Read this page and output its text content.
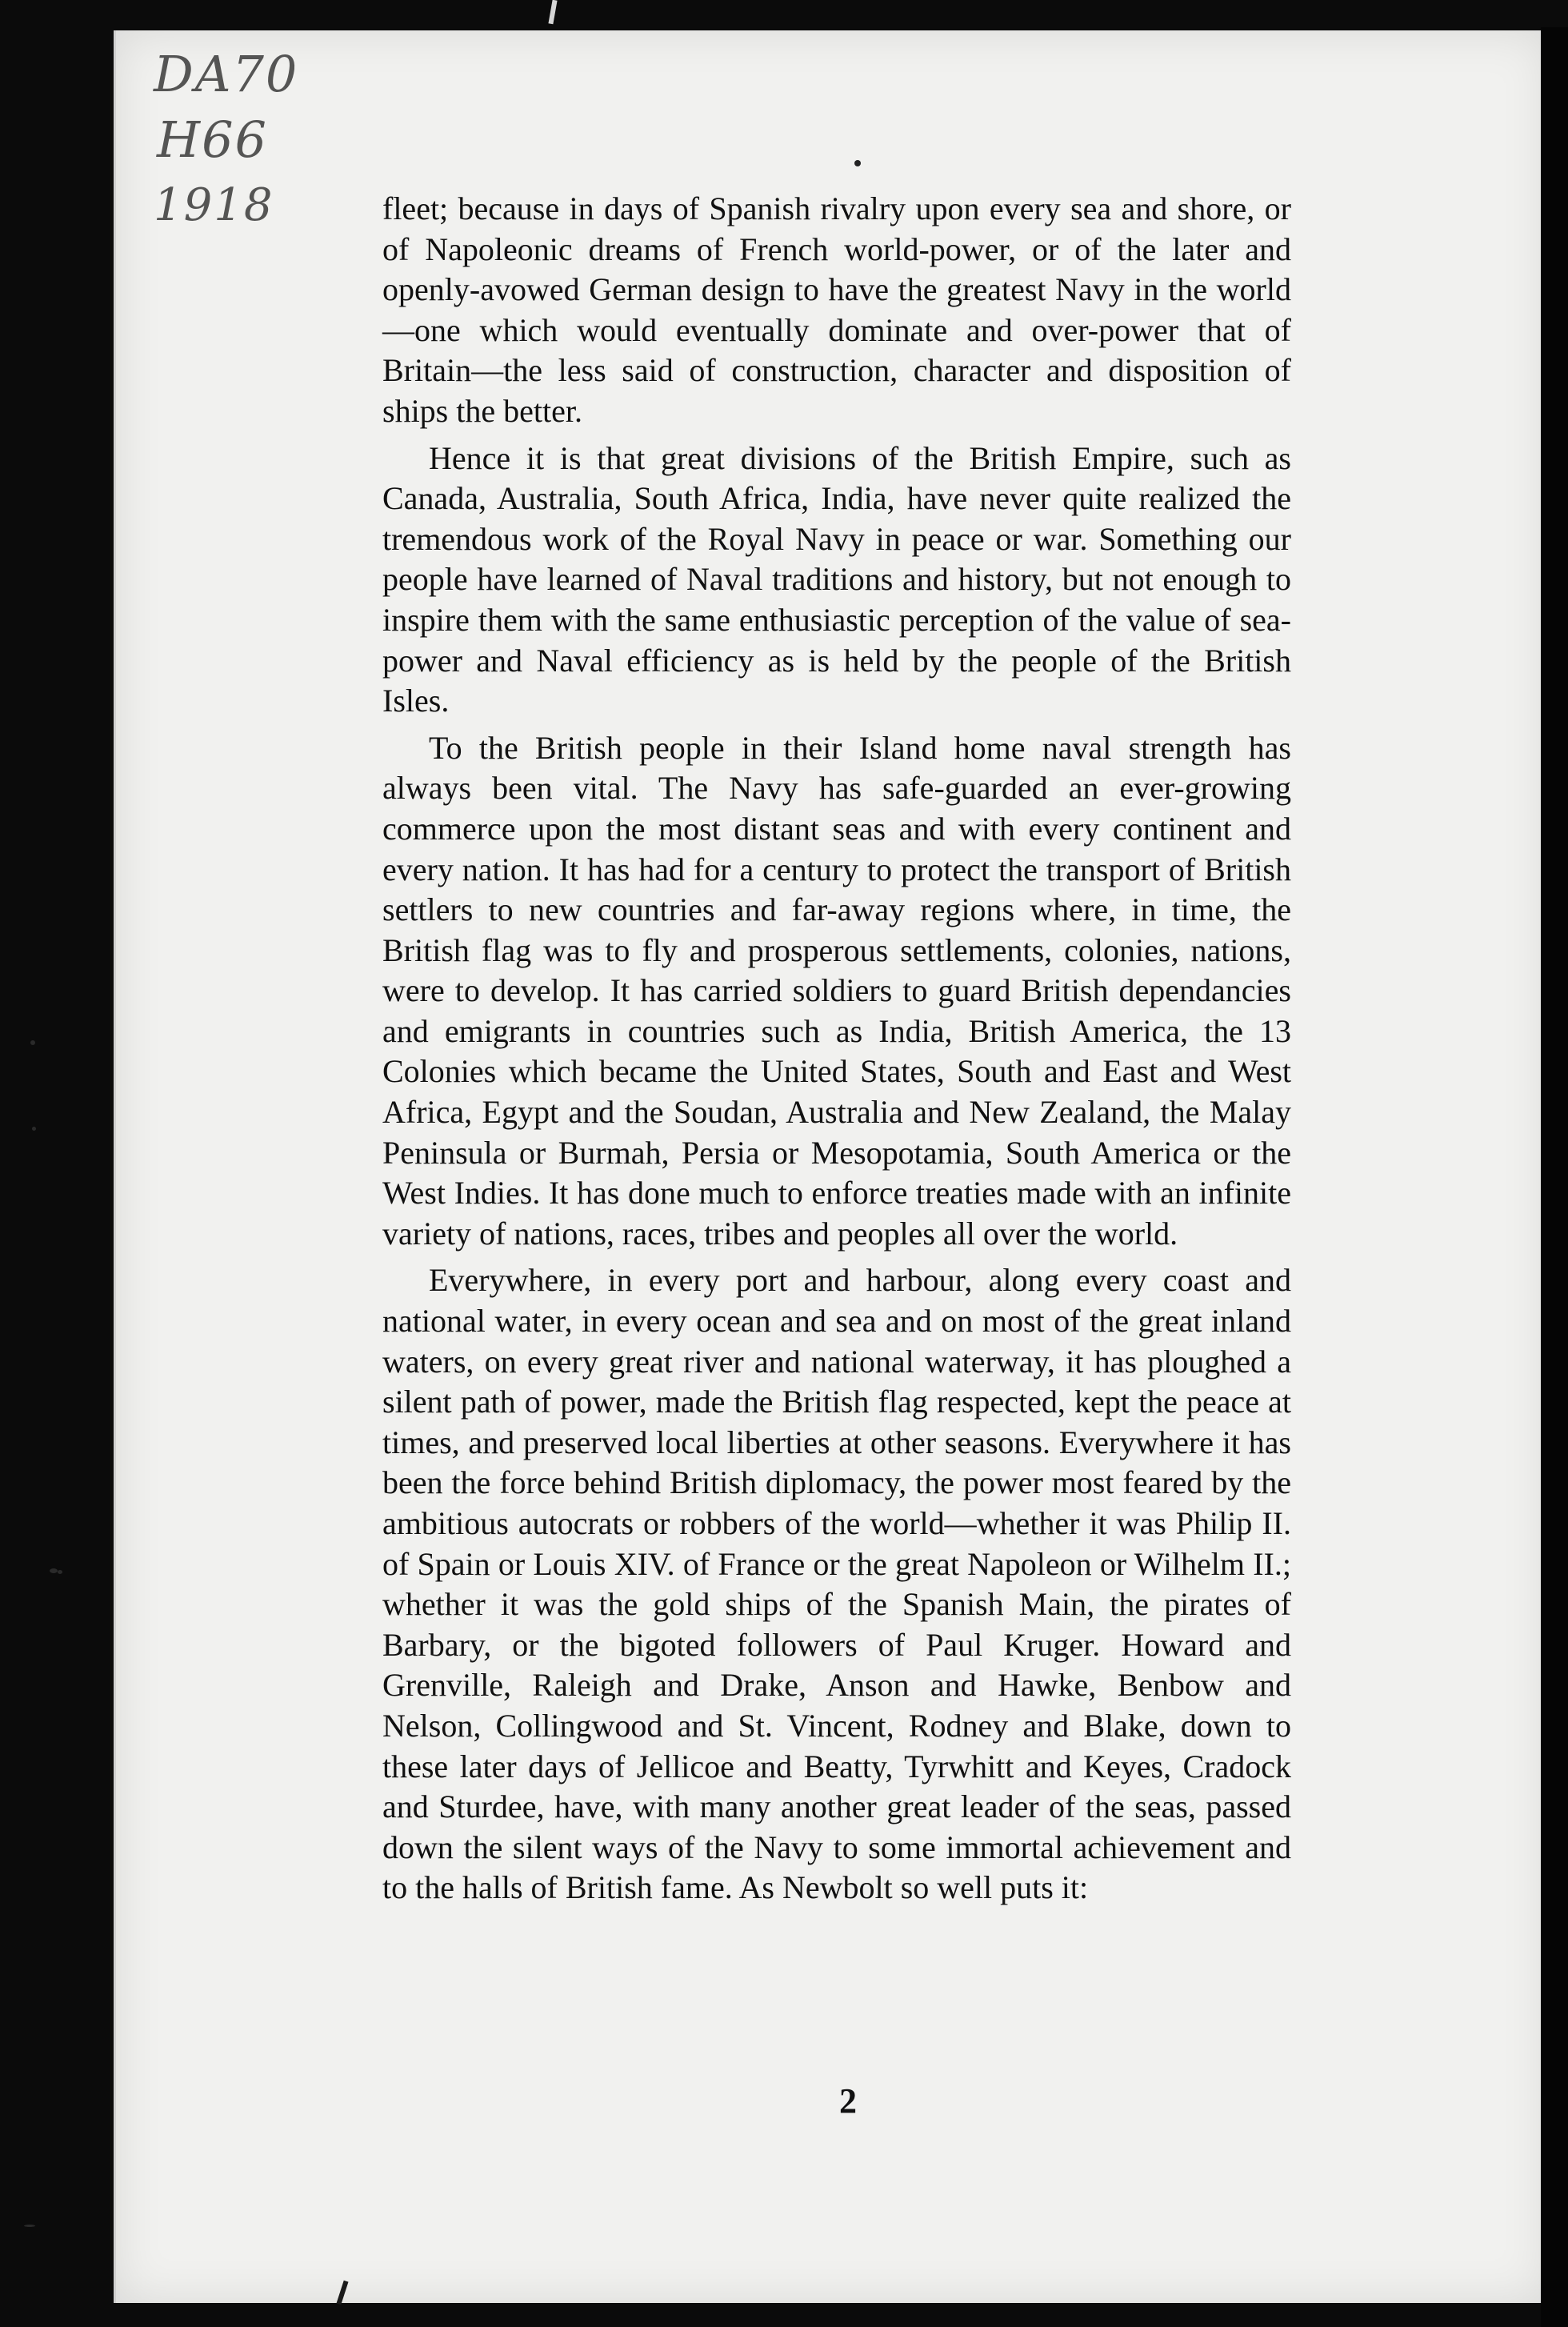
DA70
H66
1918	fleet; because in days of Spanish rivalry upon every sea and shore, or of Napoleonic dreams of French world-power, or of the later and openly-avowed German design to have the greatest Navy in the world—one which would eventually dominate and over-power that of Britain—the less said of construction, character and disposition of ships the better.

Hence it is that great divisions of the British Empire, such as Canada, Australia, South Africa, India, have never quite realized the tremendous work of the Royal Navy in peace or war. Something our people have learned of Naval traditions and history, but not enough to inspire them with the same enthusiastic perception of the value of sea-power and Naval efficiency as is held by the people of the British Isles.

To the British people in their Island home naval strength has always been vital. The Navy has safe-guarded an ever-growing commerce upon the most distant seas and with every continent and every nation. It has had for a century to protect the transport of British settlers to new countries and far-away regions where, in time, the British flag was to fly and prosperous settlements, colonies, nations, were to develop. It has carried soldiers to guard British dependancies and emigrants in countries such as India, British America, the 13 Colonies which became the United States, South and East and West Africa, Egypt and the Soudan, Australia and New Zealand, the Malay Peninsula or Burmah, Persia or Mesopotamia, South America or the West Indies. It has done much to enforce treaties made with an infinite variety of nations, races, tribes and peoples all over the world.

Everywhere, in every port and harbour, along every coast and national water, in every ocean and sea and on most of the great inland waters, on every great river and national waterway, it has ploughed a silent path of power, made the British flag respected, kept the peace at times, and preserved local liberties at other seasons. Everywhere it has been the force behind British diplomacy, the power most feared by the ambitious autocrats or robbers of the world—whether it was Philip II. of Spain or Louis XIV. of France or the great Napoleon or Wilhelm II.; whether it was the gold ships of the Spanish Main, the pirates of Barbary, or the bigoted followers of Paul Kruger. Howard and Grenville, Raleigh and Drake, Anson and Hawke, Benbow and Nelson, Collingwood and St. Vincent, Rodney and Blake, down to these later days of Jellicoe and Beatty, Tyrwhitt and Keyes, Cradock and Sturdee, have, with many another great leader of the seas, passed down the silent ways of the Navy to some immortal achievement and to the halls of British fame. As Newbolt so well puts it:

2
